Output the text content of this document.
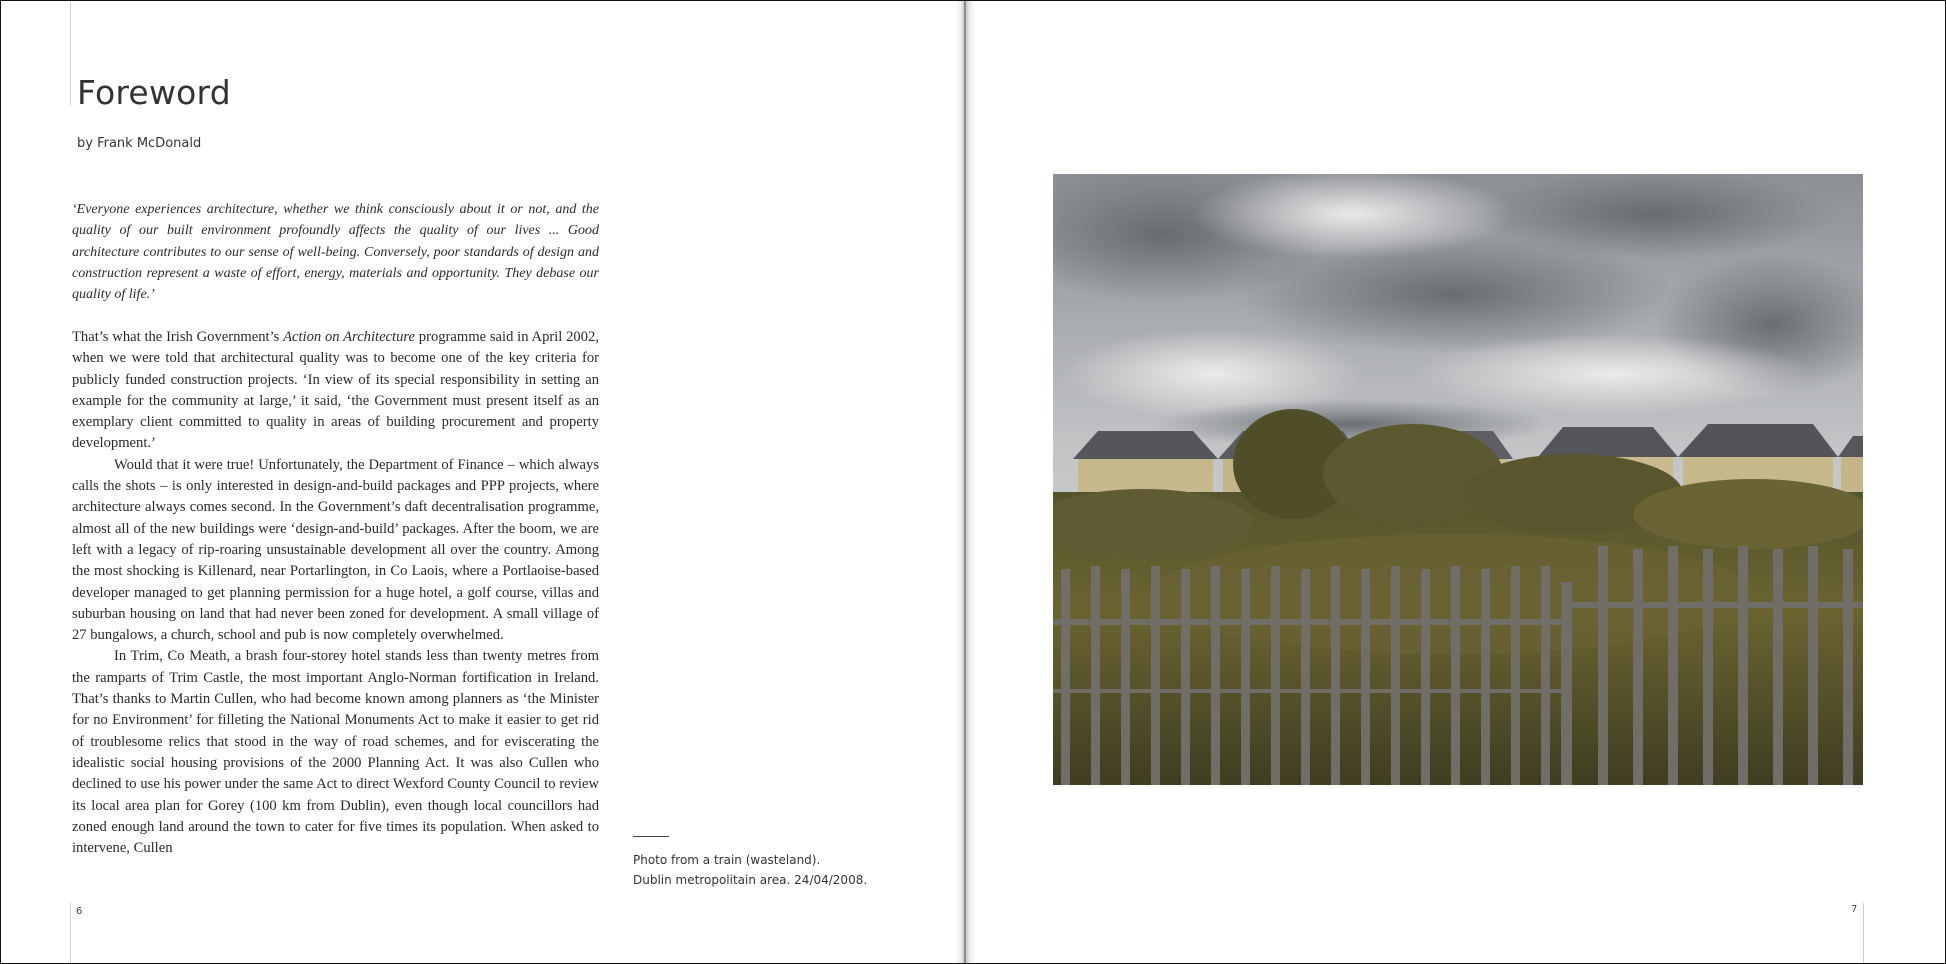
Foreword
by Frank McDonald

‘Everyone experiences architecture, whether we think consciously about it or not, and the quality of our built environment profoundly affects the quality of our lives ... Good architecture contributes to our sense of well-being. Conversely, poor standards of design and construction represent a waste of effort, energy, materials and opportunity. They debase our quality of life.’

That’s what the Irish Government’s Action on Architecture programme said in April 2002, when we were told that architectural quality was to become one of the key criteria for publicly funded construction projects. ‘In view of its special responsibility in setting an example for the community at large,’ it said, ‘the Government must present itself as an exemplary client committed to quality in areas of building procurement and property development.’

Would that it were true! Unfortunately, the Department of Finance – which always calls the shots – is only interested in design-and-build packages and PPP projects, where architecture always comes second. In the Government’s daft decentralisation programme, almost all of the new buildings were ‘design-and-build’ packages. After the boom, we are left with a legacy of rip-roaring unsustainable development all over the country. Among the most shocking is Killenard, near Portarlington, in Co Laois, where a Portlaoise-based developer managed to get planning permission for a huge hotel, a golf course, villas and suburban housing on land that had never been zoned for development. A small village of 27 bungalows, a church, school and pub is now completely overwhelmed.

In Trim, Co Meath, a brash four-storey hotel stands less than twenty metres from the ramparts of Trim Castle, the most important Anglo-Norman fortification in Ireland. That’s thanks to Martin Cullen, who had become known among planners as ‘the Minister for no Environment’ for filleting the National Monuments Act to make it easier to get rid of troublesome relics that stood in the way of road schemes, and for eviscerating the idealistic social housing provisions of the 2000 Planning Act. It was also Cullen who declined to use his power under the same Act to direct Wexford County Council to review its local area plan for Gorey (100 km from Dublin), even though local councillors had zoned enough land around the town to cater for five times its population. When asked to intervene, Cullen

6
Photo from a train (wasteland).
Dublin metropolitain area. 24/04/2008.
7
